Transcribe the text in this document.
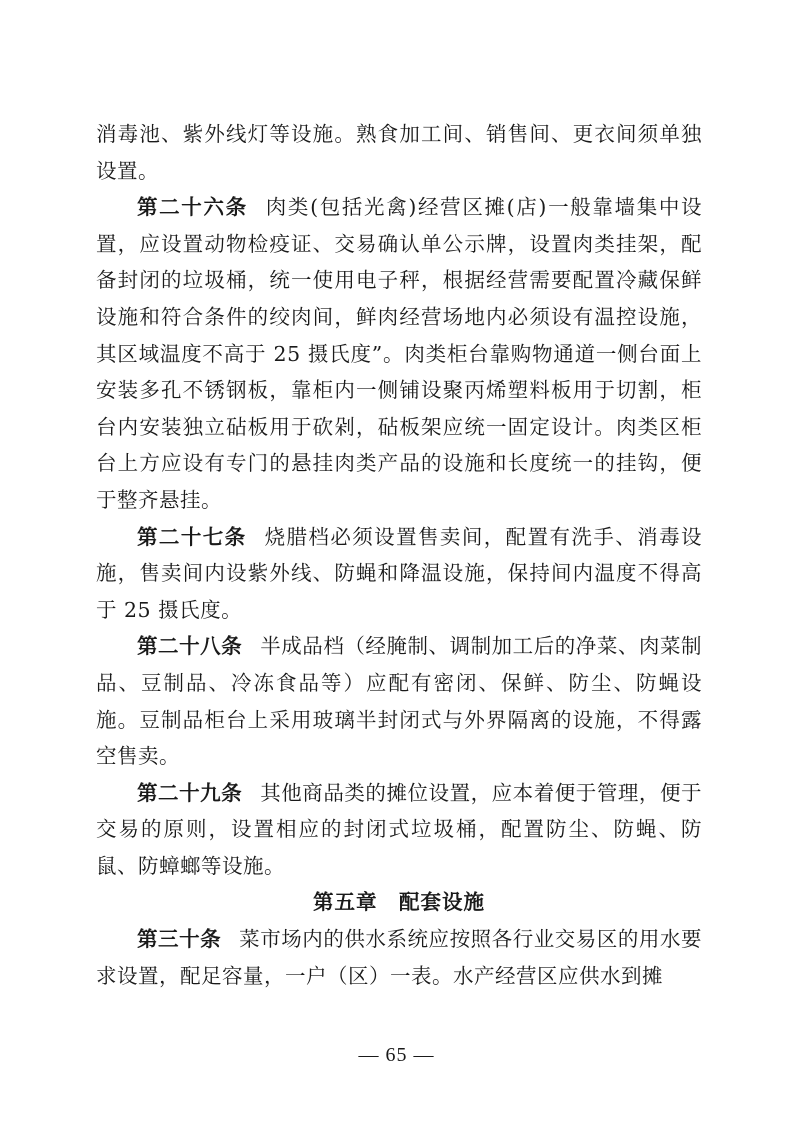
消毒池、紫外线灯等设施。熟食加工间、销售间、更衣间须单独设置。

第二十六条 肉类(包括光禽)经营区摊(店)一般靠墙集中设置，应设置动物检疫证、交易确认单公示牌，设置肉类挂架，配备封闭的垃圾桶，统一使用电子秤，根据经营需要配置冷藏保鲜设施和符合条件的绞肉间，鲜肉经营场地内必须设有温控设施，其区域温度不高于 25 摄氏度”。肉类柜台靠购物通道一侧台面上安装多孔不锈钢板，靠柜内一侧铺设聚丙烯塑料板用于切割，柜台内安装独立砧板用于砍剁，砧板架应统一固定设计。肉类区柜台上方应设有专门的悬挂肉类产品的设施和长度统一的挂钩，便于整齐悬挂。

第二十七条 烧腊档必须设置售卖间，配置有洗手、消毒设施，售卖间内设紫外线、防蝇和降温设施，保持间内温度不得高于 25 摄氏度。

第二十八条 半成品档（经腌制、调制加工后的净菜、肉菜制品、豆制品、冷冻食品等）应配有密闭、保鲜、防尘、防蝇设施。豆制品柜台上采用玻璃半封闭式与外界隔离的设施，不得露空售卖。

第二十九条 其他商品类的摊位设置，应本着便于管理，便于交易的原则，设置相应的封闭式垃圾桶，配置防尘、防蝇、防鼠、防蟑螂等设施。

第五章　配套设施

第三十条 菜市场内的供水系统应按照各行业交易区的用水要求设置，配足容量，一户（区）一表。水产经营区应供水到摊

— 65 —
